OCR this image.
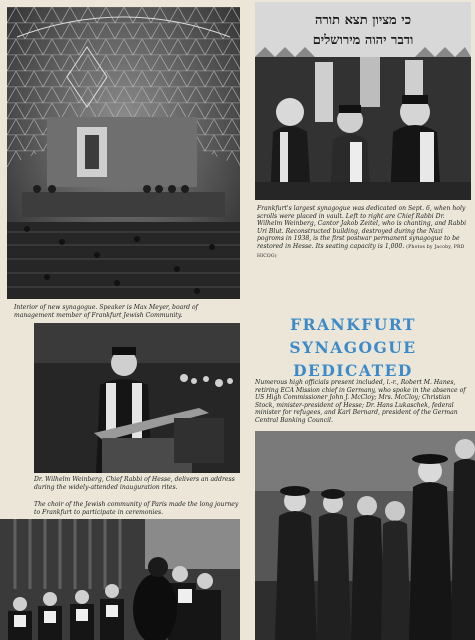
Interior of new synagogue. Speaker is Max Meyer, board of management member of Frankfurt Jewish Community.

כי מציון תצא תורה
ודבר יהוה מירושלים

Frankfurt's largest synagogue was dedicated on Sept. 6, when holy scrolls were placed in vault. Left to right are Chief Rabbi Dr. Wilhelm Weinberg, Cantor Jakob Zeitel, who is chanting, and Rabbi Uri Blut. Reconstructed building, destroyed during the Nazi pogroms in 1938, is the first postwar permanent synagogue to be restored in Hesse. Its seating capacity is 1,000. (Photos by Jacoby, PRD HICOG)

FRANKFURT
SYNAGOGUE
DEDICATED

Dr. Wilhelm Weinberg, Chief Rabbi of Hesse, delivers an address during the widely-attended inauguration rites.

The choir of the Jewish community of Paris made the long journey to Frankfurt to participate in ceremonies.

Numerous high officials present included, l.-r., Robert M. Hanes, retiring ECA Mission chief in Germany, who spoke in the absence of US High Commissioner John J. McCloy; Mrs. McCloy; Christian Stock, minister-president of Hesse; Dr. Hans Lukaschek, federal minister for refugees, and Karl Bernard, president of the German Central Banking Council.
